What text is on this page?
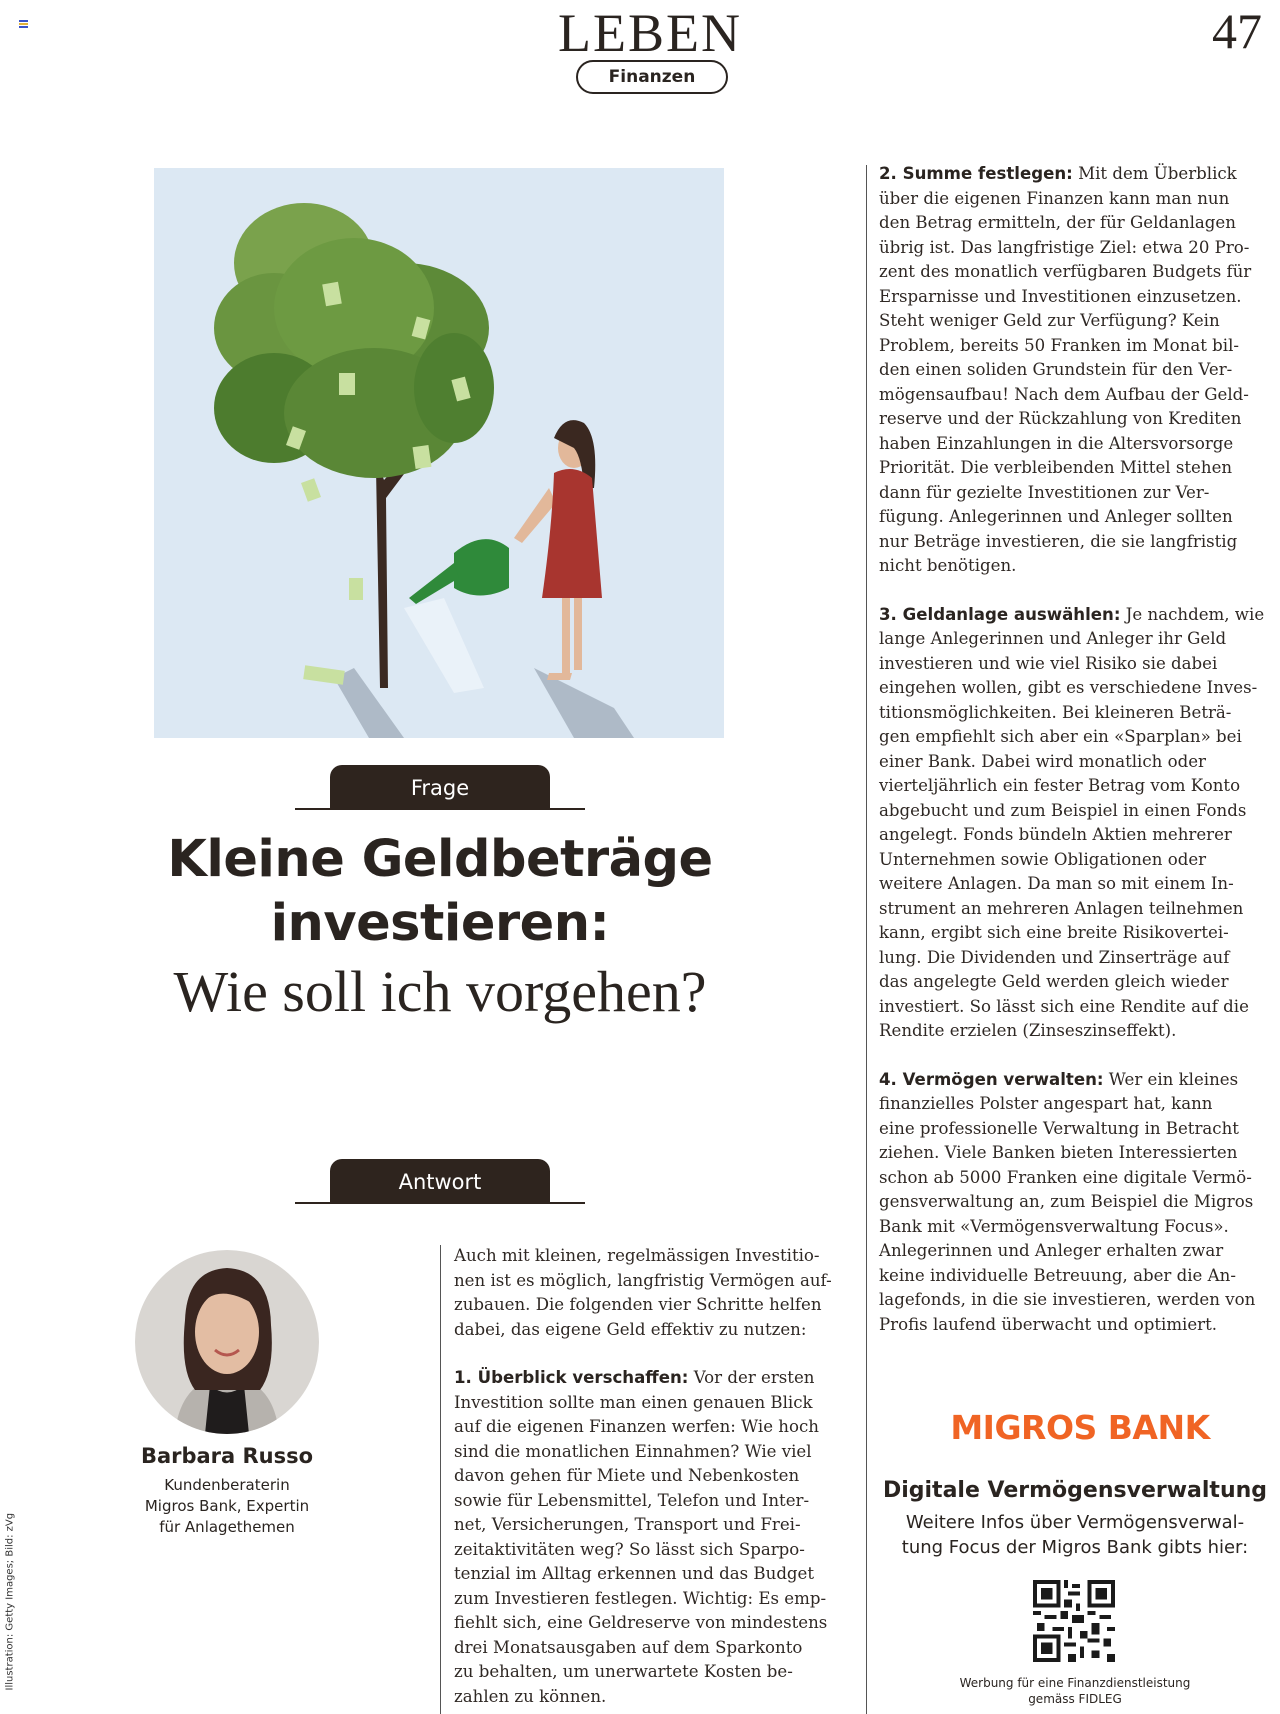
LEBEN	47
Finanzen
Frage
Kleine Geldbeträge
investieren:
Wie soll ich vorgehen?
Antwort
Barbara Russo
Kundenberaterin
Migros Bank, Expertin
für Anlagethemen

Auch mit kleinen, regelmässigen Investitio-
nen ist es möglich, langfristig Vermögen auf-
zubauen. Die folgenden vier Schritte helfen
dabei, das eigene Geld effektiv zu nutzen:

1. Überblick verschaffen: Vor der ersten
Investition sollte man einen genauen Blick
auf die eigenen Finanzen werfen: Wie hoch
sind die monatlichen Einnahmen? Wie viel
davon gehen für Miete und Nebenkosten
sowie für Lebensmittel, Telefon und Inter-
net, Versicherungen, Transport und Frei-
zeitaktivitäten weg? So lässt sich Sparpo-
tenzial im Alltag erkennen und das Budget
zum Investieren festlegen. Wichtig: Es emp-
fiehlt sich, eine Geldreserve von mindestens
drei Monatsausgaben auf dem Sparkonto
zu behalten, um unerwartete Kosten be-
zahlen zu können.

2. Summe festlegen: Mit dem Überblick
über die eigenen Finanzen kann man nun
den Betrag ermitteln, der für Geldanlagen
übrig ist. Das langfristige Ziel: etwa 20 Pro-
zent des monatlich verfügbaren Budgets für
Ersparnisse und Investitionen einzusetzen.
Steht weniger Geld zur Verfügung? Kein
Problem, bereits 50 Franken im Monat bil-
den einen soliden Grundstein für den Ver-
mögensaufbau! Nach dem Aufbau der Geld-
reserve und der Rückzahlung von Krediten
haben Einzahlungen in die Altersvorsorge
Priorität. Die verbleibenden Mittel stehen
dann für gezielte Investitionen zur Ver-
fügung. Anlegerinnen und Anleger sollten
nur Beträge investieren, die sie langfristig
nicht benötigen.

3. Geldanlage auswählen: Je nachdem, wie
lange Anlegerinnen und Anleger ihr Geld
investieren und wie viel Risiko sie dabei
eingehen wollen, gibt es verschiedene Inves-
titionsmöglichkeiten. Bei kleineren Beträ-
gen empfiehlt sich aber ein «Sparplan» bei
einer Bank. Dabei wird monatlich oder
vierteljährlich ein fester Betrag vom Konto
abgebucht und zum Beispiel in einen Fonds
angelegt. Fonds bündeln Aktien mehrerer
Unternehmen sowie Obligationen oder
weitere Anlagen. Da man so mit einem In-
strument an mehreren Anlagen teilnehmen
kann, ergibt sich eine breite Risikovertei-
lung. Die Dividenden und Zinserträge auf
das angelegte Geld werden gleich wieder
investiert. So lässt sich eine Rendite auf die
Rendite erzielen (Zinseszinseffekt).

4. Vermögen verwalten: Wer ein kleines
finanzielles Polster angespart hat, kann
eine professionelle Verwaltung in Betracht
ziehen. Viele Banken bieten Interessierten
schon ab 5000 Franken eine digitale Vermö-
gensverwaltung an, zum Beispiel die Migros
Bank mit «Vermögensverwaltung Focus».
Anlegerinnen und Anleger erhalten zwar
keine individuelle Betreuung, aber die An-
lagefonds, in die sie investieren, werden von
Profis laufend überwacht und optimiert.

MIGROS BANK
Digitale Vermögensverwaltung
Weitere Infos über Vermögensverwal-
tung Focus der Migros Bank gibts hier:
Werbung für eine Finanzdienstleistung
gemäss FIDLEG
Illustration: Getty Images; Bild: zVg
